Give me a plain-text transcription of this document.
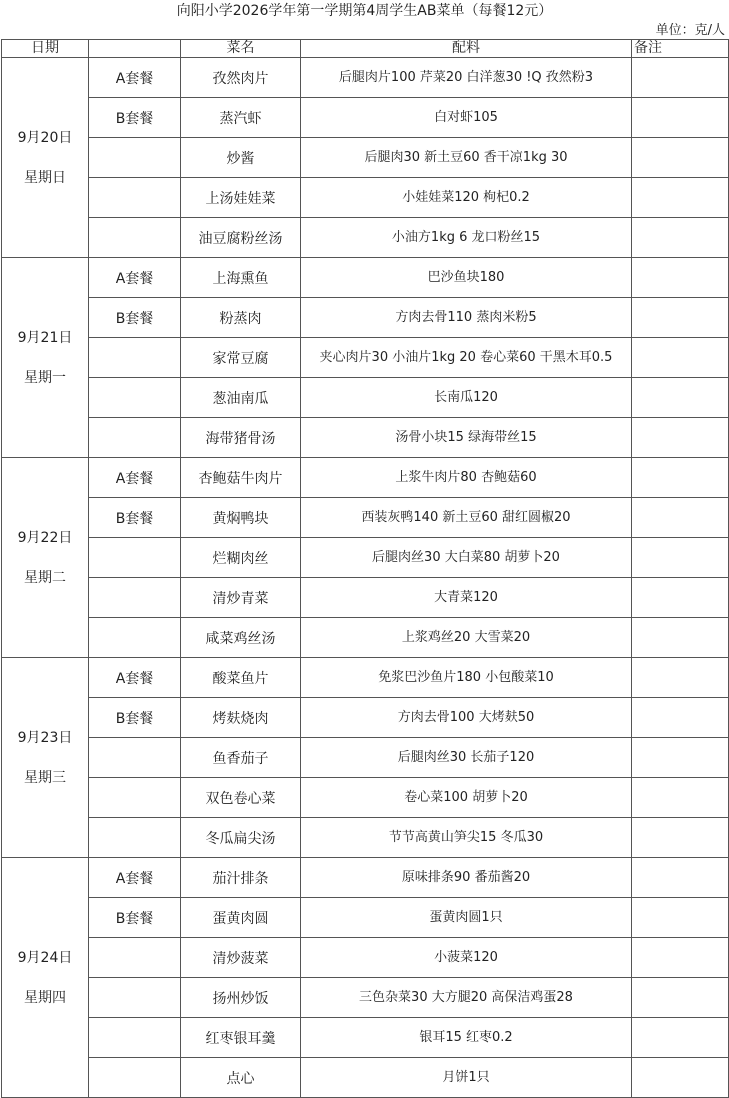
向阳小学2026学年第一学期第4周学生AB菜单（每餐12元）
单位：克/人
日期		菜名	配料	备注

9月20日
星期日	A套餐	孜然肉片	后腿肉片100 芹菜20 白洋葱30 !Q 孜然粉3	
	B套餐	蒸汽虾	白对虾105	
		炒酱	后腿肉30 新土豆60 香干凉1kg 30	
		上汤娃娃菜	小娃娃菜120 枸杞0.2	
		油豆腐粉丝汤	小油方1kg 6 龙口粉丝15	

9月21日
星期一	A套餐	上海熏鱼	巴沙鱼块180	
	B套餐	粉蒸肉	方肉去骨110 蒸肉米粉5	
		家常豆腐	夹心肉片30 小油片1kg 20 卷心菜60 干黑木耳0.5	
		葱油南瓜	长南瓜120	
		海带猪骨汤	汤骨小块15 绿海带丝15	

9月22日
星期二	A套餐	杏鲍菇牛肉片	上浆牛肉片80 杏鲍菇60	
	B套餐	黄焖鸭块	西装灰鸭140 新土豆60 甜红圆椒20	
		烂糊肉丝	后腿肉丝30 大白菜80 胡萝卜20	
		清炒青菜	大青菜120	
		咸菜鸡丝汤	上浆鸡丝20 大雪菜20	

9月23日
星期三	A套餐	酸菜鱼片	免浆巴沙鱼片180 小包酸菜10	
	B套餐	烤麸烧肉	方肉去骨100 大烤麸50	
		鱼香茄子	后腿肉丝30 长茄子120	
		双色卷心菜	卷心菜100 胡萝卜20	
		冬瓜扁尖汤	节节高黄山笋尖15 冬瓜30	

9月24日
星期四	A套餐	茄汁排条	原味排条90 番茄酱20	
	B套餐	蛋黄肉圆	蛋黄肉圆1只	
		清炒菠菜	小菠菜120	
		扬州炒饭	三色杂菜30 大方腿20 高保洁鸡蛋28	
		红枣银耳羹	银耳15 红枣0.2	
		点心	月饼1只	
